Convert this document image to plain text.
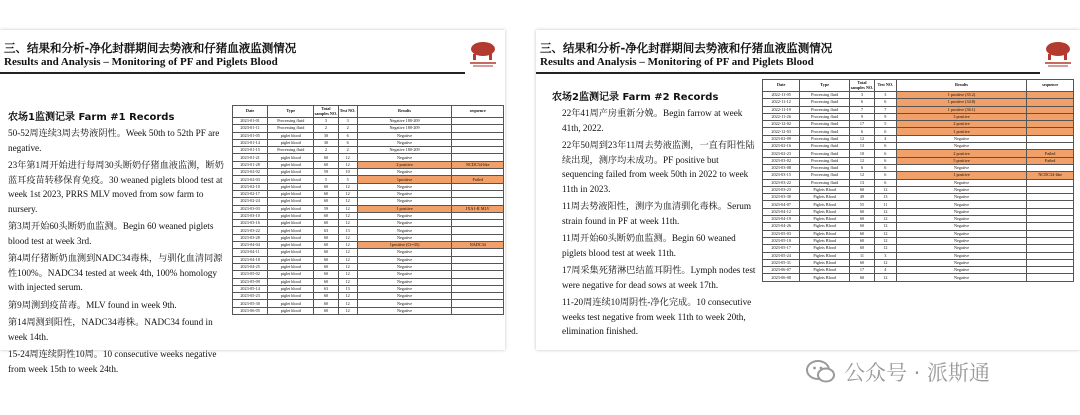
三、结果和分析-净化封群期间去势液和仔猪血液监测情况
Results and Analysis – Monitoring of PF and Piglets Blood
农场1监测记录 Farm #1 Records

50-52周连续3周去势液阴性。Week 50th to 52th PF are negative.

23年第1周开始进行每周30头断奶仔猪血液监测，断奶蓝耳疫苗转移保育免疫。30 weaned piglets blood test at week 1st 2023, PRRS MLV moved from sow farm to nursery.

第3周开始60头断奶血监测。Begin 60 weaned piglets blood test at week 3rd.

第4周仔猪断奶血测到NADC34毒株，与驯化血清同源性100%。NADC34 tested at week 4th, 100% homology with injected serum.

第9周测到疫苗毒。MLV found in week 9th.

第14周测到阳性，NADC34毒株。NADC34 found in week 14th.

15-24周连续阴性10周。10 consecutive weeks negative from week 15th to week 24th.

Date	Type	Total samples NO.	Test NO.	Results	sequence
2023-01-01	Processing fluid	3	3	Negative 180-209	
2023-01-11	Processing fluid	2	2	Negative 180-209	
2023-01-05	piglet blood	30	6	Negative	
2023-01-14	piglet blood	30	6	Negative	
2023-01-15	Processing fluid	2	2	Negative 180-209	
2023-01-21	piglet blood	60	12	Negative	
2023-01-28	piglet blood	60	12	2 positive	NCDC34-like
2023-02-02	piglet blood	59	10	Negative	
2023-02-03	piglet blood	5	5	1positive	Failed
2023-02-10	piglet blood	60	12	Negative	
2023-02-17	piglet blood	60	12	Negative	
2023-02-24	piglet blood	60	12	Negative	
2023-03-03	piglet blood	59	12	1 positive	JXA1-R MLV
2023-03-10	piglet blood	60	12	Negative	
2023-03-16	piglet blood	60	12	Negative	
2023-03-22	piglet blood	63	13	Negative	
2023-03-28	piglet blood	60	12	Negative	
2023-04-04	piglet blood	60	12	1positive (Ct=35)	NADC34
2023-04-11	piglet blood	60	12	Negative	
2023-04-18	piglet blood	60	12	Negative	
2023-04-25	piglet blood	60	12	Negative	
2023-05-02	piglet blood	60	12	Negative	
2023-05-09	piglet blood	60	12	Negative	
2023-05-14	piglet blood	63	13	Negative	
2023-05-23	piglet blood	60	12	Negative	
2023-05-30	piglet blood	60	12	Negative	
2023-06-05	piglet blood	60	12	Negative	
三、结果和分析-净化封群期间去势液和仔猪血液监测情况
Results and Analysis – Monitoring of PF and Piglets Blood
农场2监测记录 Farm #2 Records

22年41周产房重新分娩。Begin farrow at week 41th, 2022.

22年50周到23年11周去势液监测，一直有阳性陆续出现，测序均未成功。PF positive but sequencing failed from week 50th in 2022 to week 11th in 2023.

11周去势液阳性，测序为血清驯化毒株。Serum strain found in PF at week 11th.

11周开始60头断奶血监测。Begin 60 weaned piglets blood test at week 11th.

17周采集死猪淋巴结蓝耳阴性。Lymph nodes test were negative for dead sows at week 17th.

11-20周连续10周阴性-净化完成。10 consecutive weeks test negative from week 11th to week 20th, elimination finished.

Date	Type	Total samples NO.	Test NO.	Results	sequence
2022-11-05	Processing fluid	3	3	1 positive (35.2)	
2022-11-12	Processing fluid	6	6	1 positive (34.8)	
2022-11-19	Processing fluid	7	7	1 positive (36.1)	
2022-11-26	Processing fluid	9	9	3 positive	
2022-12-02	Processing fluid	17	5	2 positive	
2022-12-03	Processing fluid	6	6	1 positive	
2023-02-09	Processing fluid	12	4	Negative	
2023-02-16	Processing fluid	13	6	Negative	
2023-02-23	Processing fluid	10	6	2 positive	Failed
2023-03-02	Processing fluid	12	6	5 positive	Failed
2023-03-08	Processing fluid	6	6	Negative	
2023-03-15	Processing fluid	12	6	1 positive	NCDC34-like
2023-03-22	Processing fluid	13	6	Negative	
2023-03-23	Piglets Blood	60	12	Negative	
2023-03-30	Piglets Blood	49	13	Negative	
2023-04-07	Piglets Blood	55	11	Negative	
2023-04-12	Piglets Blood	60	12	Negative	
2023-04-19	Piglets Blood	60	12	Negative	
2023-04-26	Piglets Blood	60	12	Negative	
2023-05-03	Piglets Blood	60	12	Negative	
2023-05-10	Piglets Blood	60	12	Negative	
2023-05-17	Piglets Blood	60	12	Negative	
2023-05-24	Piglets Blood	11	3	Negative	
2023-05-31	Piglets Blood	60	12	Negative	
2023-06-07	Piglets Blood	17	4	Negative	
2023-06-08	Piglets Blood	60	12	Negative	
公众号 · 派斯通
